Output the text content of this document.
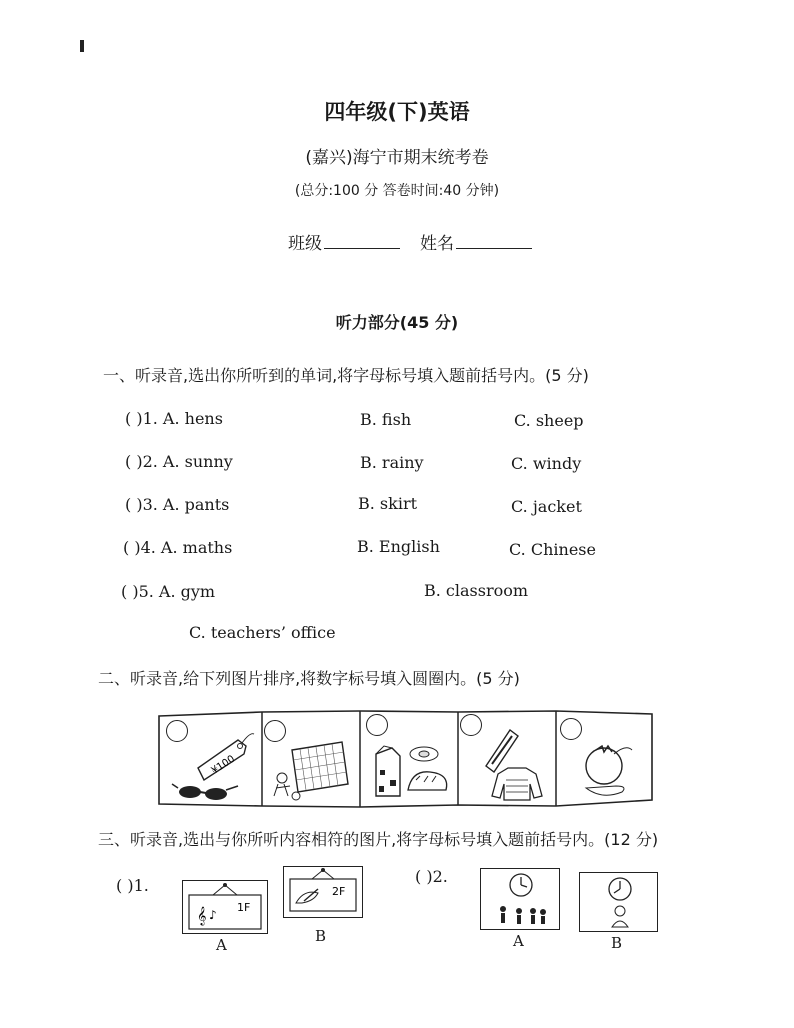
四年级(下)英语
(嘉兴)海宁市期末统考卷
(总分:100 分 答卷时间:40 分钟)
班级	姓名
听力部分(45 分)
一、听录音,选出你所听到的单词,将字母标号填入题前括号内。(5 分)
( )1. A. hens	B. fish	C. sheep
( )2. A. sunny	B. rainy	C. windy
( )3. A. pants	B. skirt	C. jacket
( )4. A. maths	B. English	C. Chinese
( )5. A. gym	B. classroom
C. teachers’ office
二、听录音,给下列图片排序,将数字标号填入圆圈内。(5 分)
¥100
三、听录音,选出与你所听内容相符的图片,将字母标号填入题前括号内。(12 分)
( )1.
𝄞 ♪
1F
A
2F
B
( )2.
A	B
